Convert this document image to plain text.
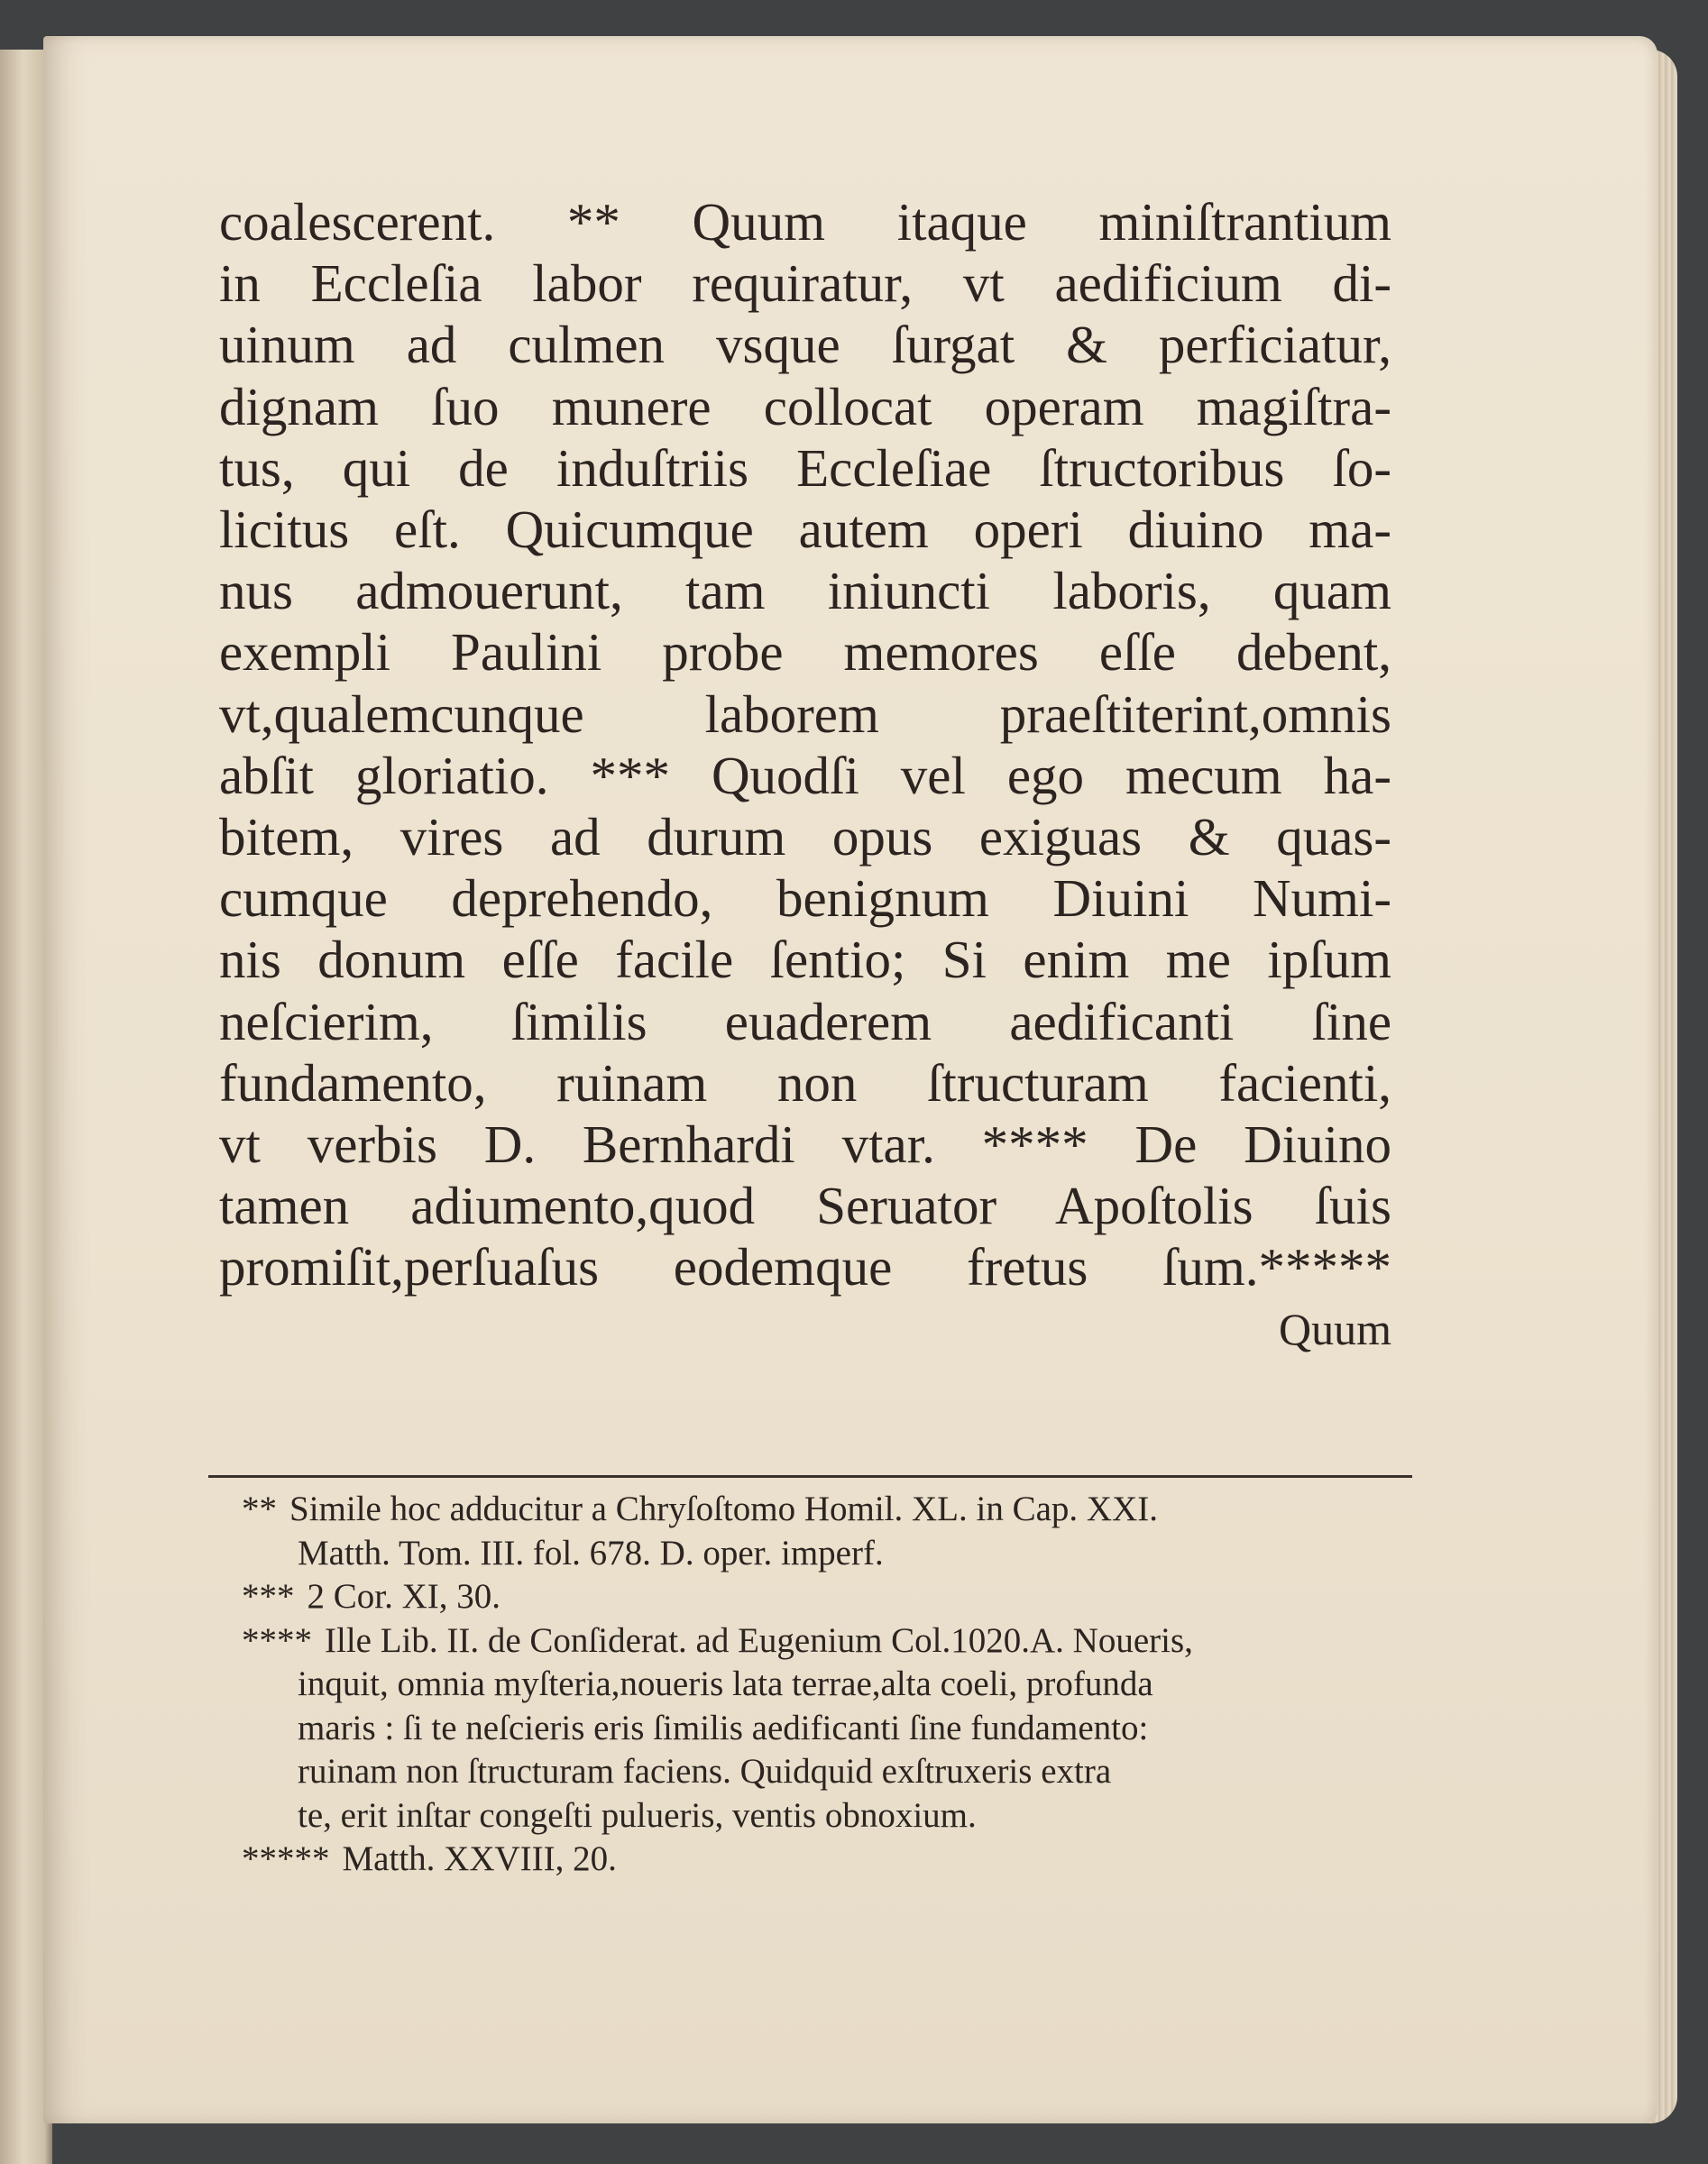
coalescerent. ** Quum itaque miniſtrantium
in Eccleſia labor requiratur, vt aedificium di-
uinum ad culmen vsque ſurgat & perficiatur,
dignam ſuo munere collocat operam magiſtra-
tus, qui de induſtriis Eccleſiae ſtructoribus ſo-
licitus eſt. Quicumque autem operi diuino ma-
nus admouerunt, tam iniuncti laboris, quam
exempli Paulini probe memores eſſe debent,
vt,qualemcunque laborem praeſtiterint,omnis
abſit gloriatio. *** Quodſi vel ego mecum ha-
bitem, vires ad durum opus exiguas & quas-
cumque deprehendo, benignum Diuini Numi-
nis donum eſſe facile ſentio; Si enim me ipſum
neſcierim, ſimilis euaderem aedificanti ſine
fundamento, ruinam non ſtructuram facienti,
vt verbis D. Bernhardi vtar. **** De Diuino
tamen adiumento,quod Seruator Apoſtolis ſuis
promiſit,perſuaſus eodemque fretus ſum.*****
Quum
** Simile hoc adducitur a Chryſoſtomo Homil. XL. in Cap. XXI.
Matth. Tom. III. fol. 678. D. oper. imperf.
*** 2 Cor. XI, 30.
**** Ille Lib. II. de Conſiderat. ad Eugenium Col.1020.A. Noueris,
inquit, omnia myſteria,noueris lata terrae,alta coeli, profunda
maris : ſi te neſcieris eris ſimilis aedificanti ſine fundamento:
ruinam non ſtructuram faciens. Quidquid exſtruxeris extra
te, erit inſtar congeſti pulueris, ventis obnoxium.
***** Matth. XXVIII, 20.
